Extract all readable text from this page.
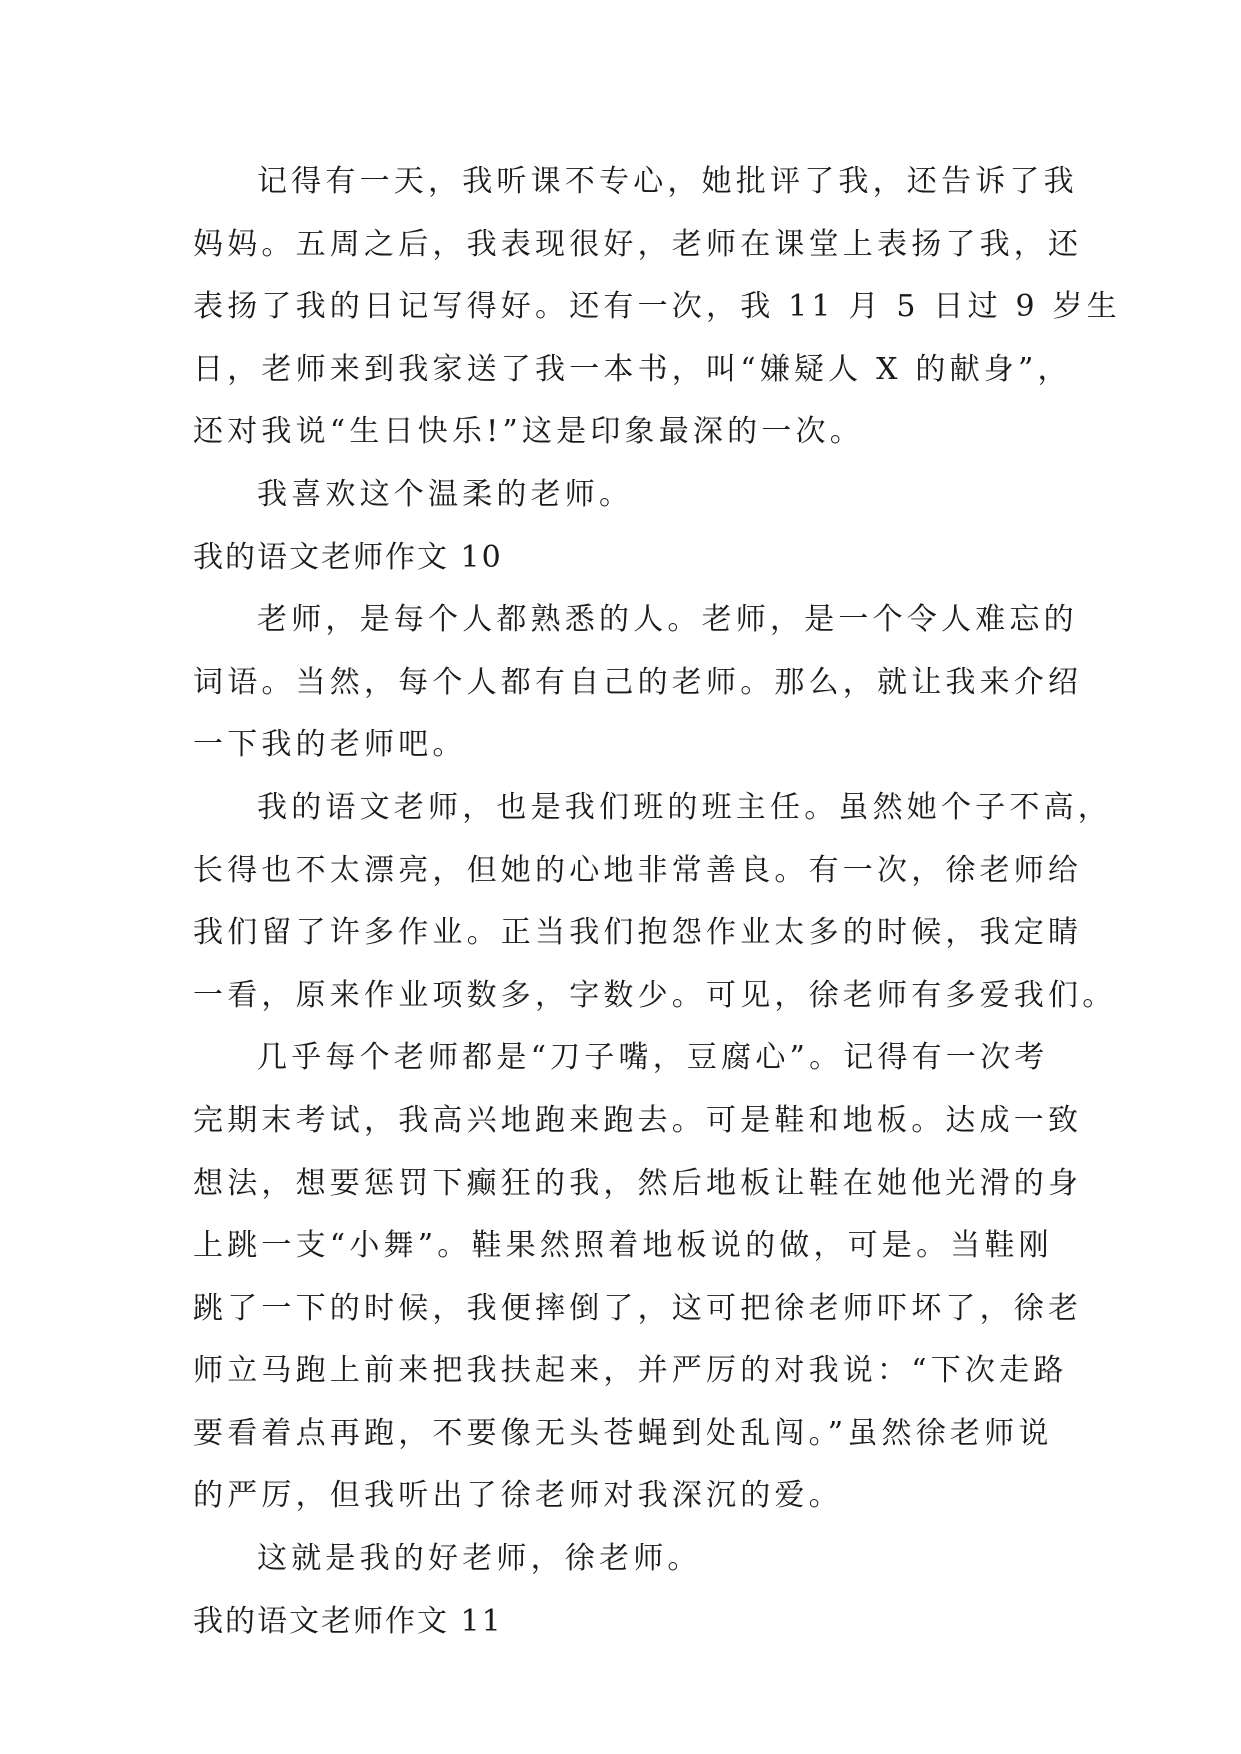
记得有一天，我听课不专心，她批评了我，还告诉了我
妈妈。五周之后，我表现很好，老师在课堂上表扬了我，还
表扬了我的日记写得好。还有一次，我 11 月 5 日过 9 岁生
日，老师来到我家送了我一本书，叫“嫌疑人 X 的献身”，
还对我说“生日快乐!”这是印象最深的一次。
我喜欢这个温柔的老师。
我的语文老师作文 10
老师，是每个人都熟悉的人。老师，是一个令人难忘的
词语。当然，每个人都有自己的老师。那么，就让我来介绍
一下我的老师吧。
我的语文老师，也是我们班的班主任。虽然她个子不高，
长得也不太漂亮，但她的心地非常善良。有一次，徐老师给
我们留了许多作业。正当我们抱怨作业太多的时候，我定睛
一看，原来作业项数多，字数少。可见，徐老师有多爱我们。
几乎每个老师都是“刀子嘴，豆腐心”。记得有一次考
完期末考试，我高兴地跑来跑去。可是鞋和地板。达成一致
想法，想要惩罚下癫狂的我，然后地板让鞋在她他光滑的身
上跳一支“小舞”。鞋果然照着地板说的做，可是。当鞋刚
跳了一下的时候，我便摔倒了，这可把徐老师吓坏了，徐老
师立马跑上前来把我扶起来，并严厉的对我说：“下次走路
要看着点再跑，不要像无头苍蝇到处乱闯。”虽然徐老师说
的严厉，但我听出了徐老师对我深沉的爱。
这就是我的好老师，徐老师。
我的语文老师作文 11
